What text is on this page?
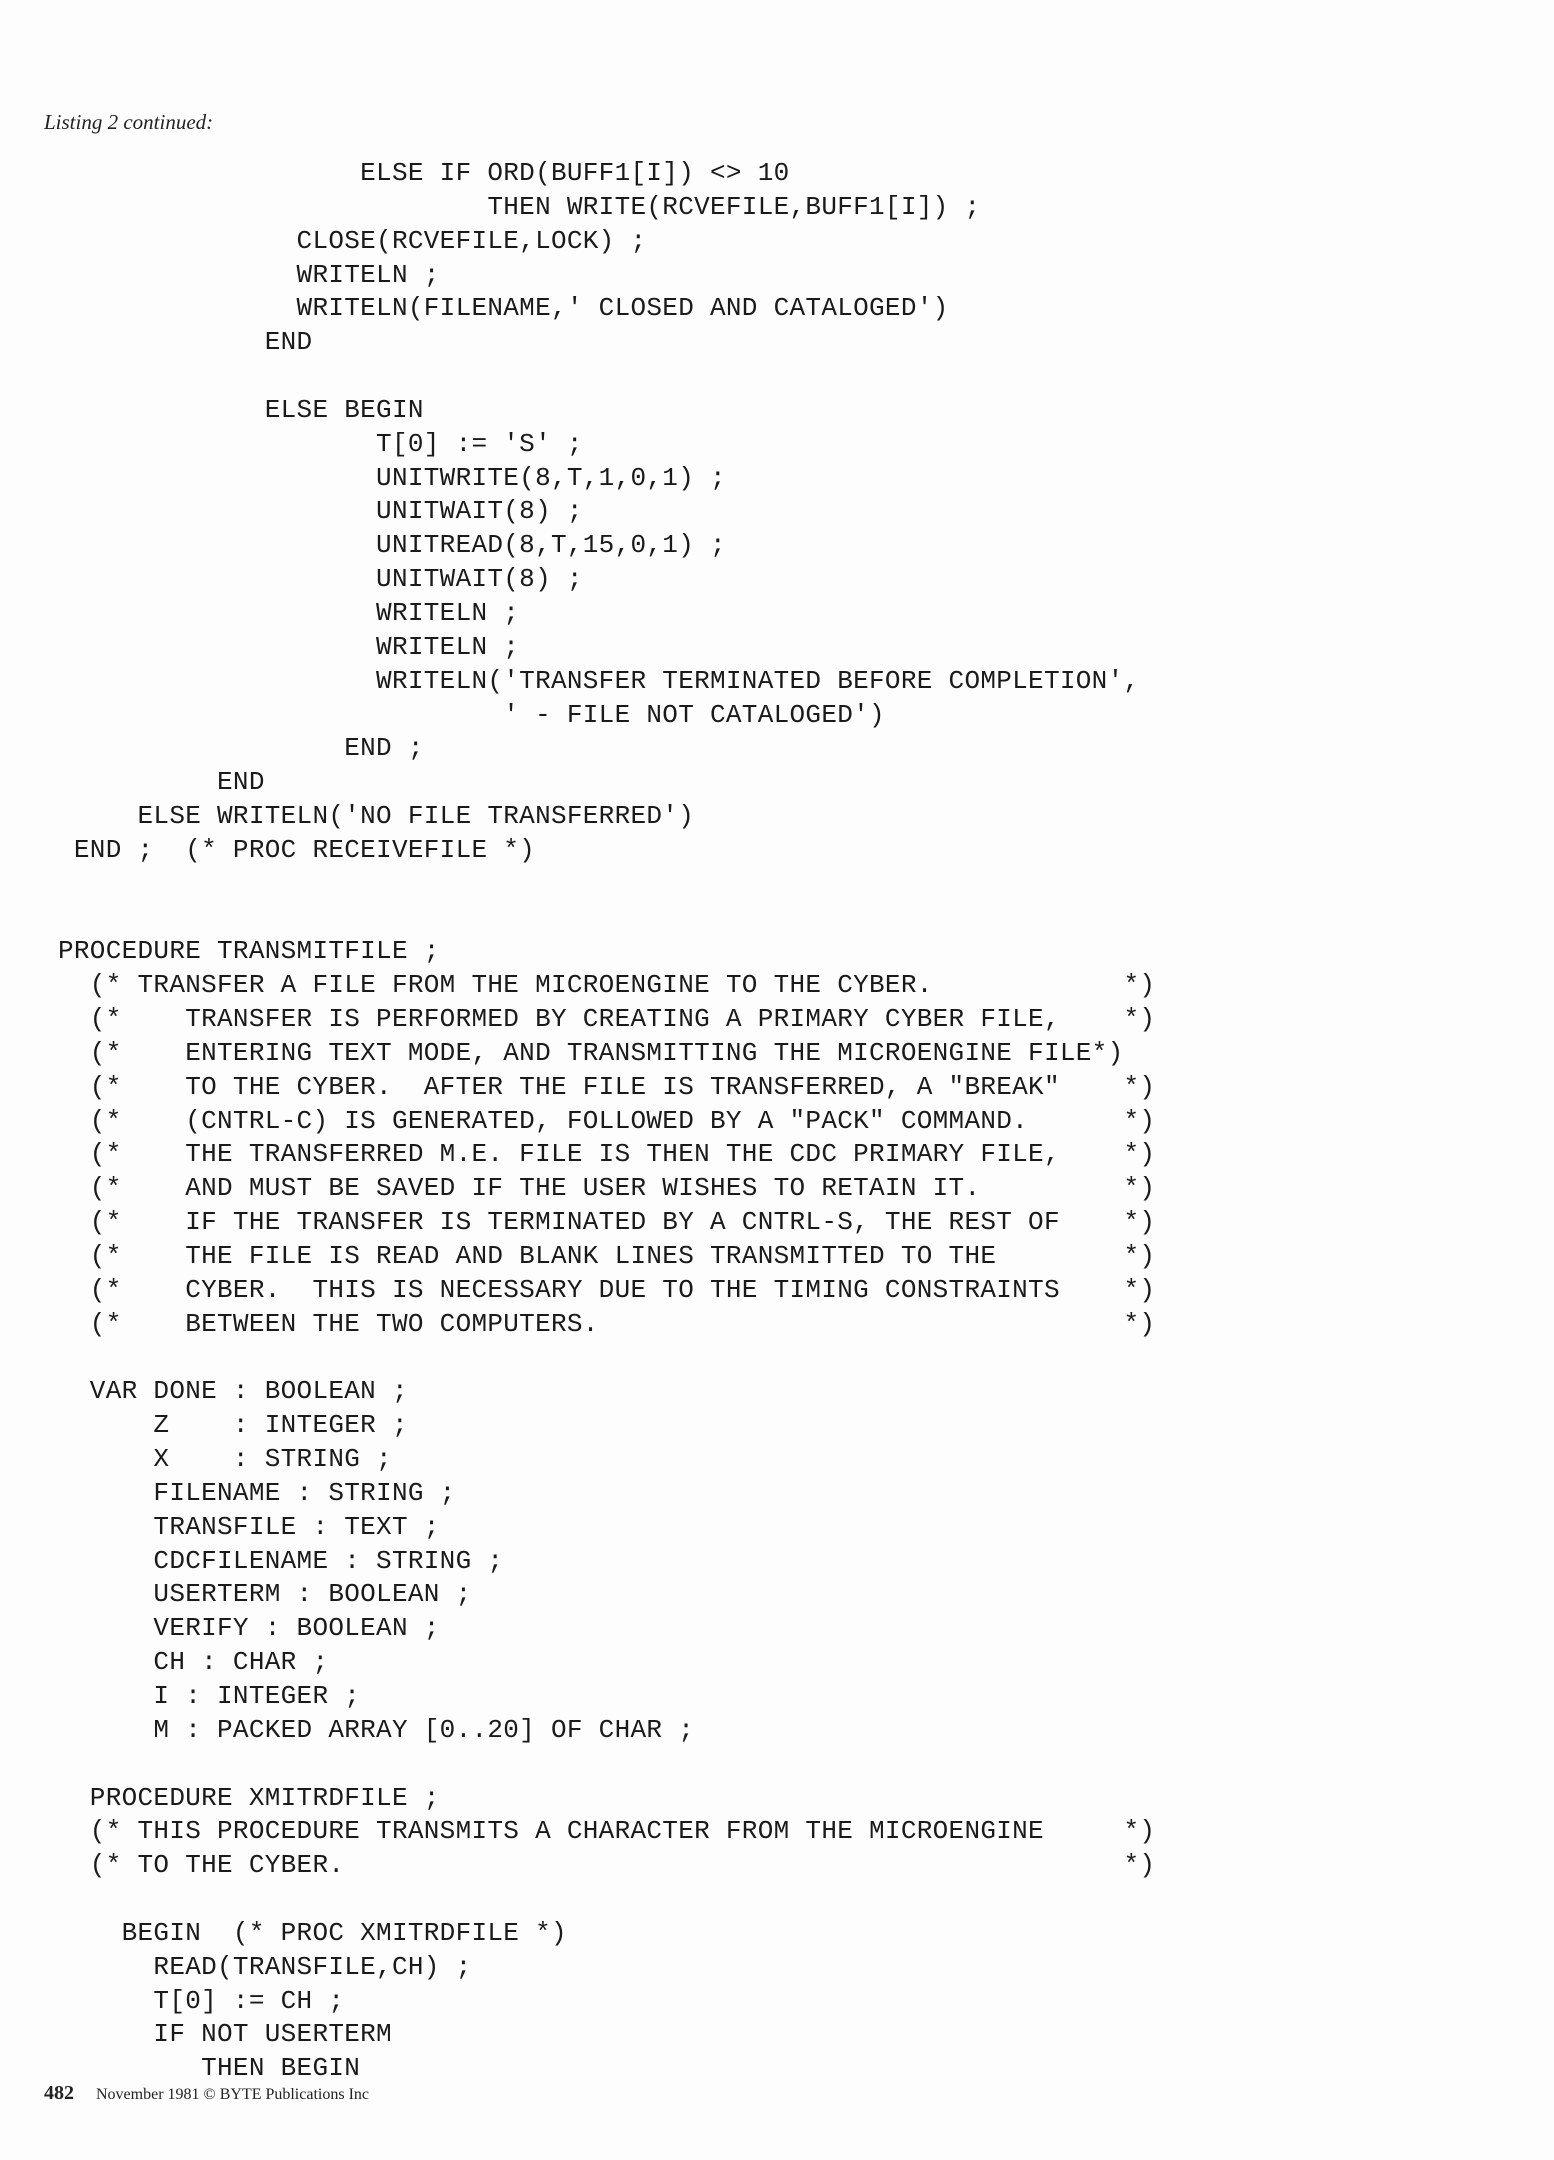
Listing 2 continued:

ELSE IF ORD(BUFF1[I]) <> 10
THEN WRITE(RCVEFILE,BUFF1[I]) ;
CLOSE(RCVEFILE,LOCK) ;
WRITELN ;
WRITELN(FILENAME,' CLOSED AND CATALOGED')
END
ELSE BEGIN
T[0] := 'S' ;
UNITWRITE(8,T,1,0,1) ;
UNITWAIT(8) ;
UNITREAD(8,T,15,0,1) ;
UNITWAIT(8) ;
WRITELN ;
WRITELN ;
WRITELN('TRANSFER TERMINATED BEFORE COMPLETION',
' - FILE NOT CATALOGED')
END ;
END
ELSE WRITELN('NO FILE TRANSFERRED')
END ;  (* PROC RECEIVEFILE *)
PROCEDURE TRANSMITFILE ;
(* TRANSFER A FILE FROM THE MICROENGINE TO THE CYBER.            *)
(*    TRANSFER IS PERFORMED BY CREATING A PRIMARY CYBER FILE,    *)
(*    ENTERING TEXT MODE, AND TRANSMITTING THE MICROENGINE FILE*)
(*    TO THE CYBER.  AFTER THE FILE IS TRANSFERRED, A "BREAK"    *)
(*    (CNTRL-C) IS GENERATED, FOLLOWED BY A "PACK" COMMAND.      *)
(*    THE TRANSFERRED M.E. FILE IS THEN THE CDC PRIMARY FILE,    *)
(*    AND MUST BE SAVED IF THE USER WISHES TO RETAIN IT.         *)
(*    IF THE TRANSFER IS TERMINATED BY A CNTRL-S, THE REST OF    *)
(*    THE FILE IS READ AND BLANK LINES TRANSMITTED TO THE        *)
(*    CYBER.  THIS IS NECESSARY DUE TO THE TIMING CONSTRAINTS    *)
(*    BETWEEN THE TWO COMPUTERS.                                 *)
VAR DONE : BOOLEAN ;
Z    : INTEGER ;
X    : STRING ;
FILENAME : STRING ;
TRANSFILE : TEXT ;
CDCFILENAME : STRING ;
USERTERM : BOOLEAN ;
VERIFY : BOOLEAN ;
CH : CHAR ;
I : INTEGER ;
M : PACKED ARRAY [0..20] OF CHAR ;
PROCEDURE XMITRDFILE ;
(* THIS PROCEDURE TRANSMITS A CHARACTER FROM THE MICROENGINE     *)
(* TO THE CYBER.                                                 *)
BEGIN  (* PROC XMITRDFILE *)
READ(TRANSFILE,CH) ;
T[0] := CH ;
IF NOT USERTERM
THEN BEGIN

482 November 1981 © BYTE Publications Inc
